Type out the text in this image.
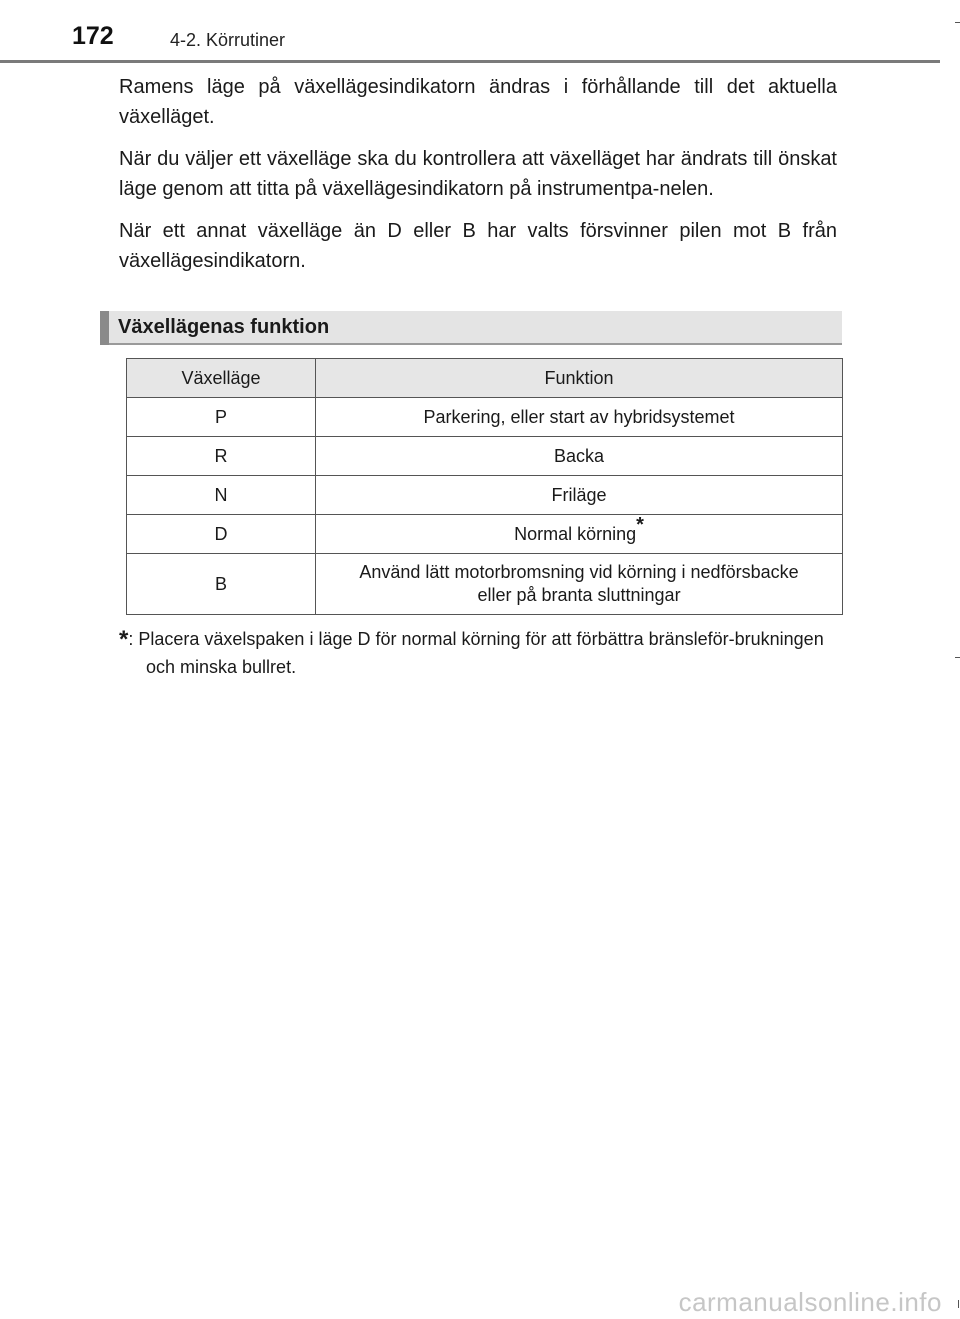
172	4-2. Körrutiner

Ramens läge på växellägesindikatorn ändras i förhållande till det aktuella växelläget.

När du väljer ett växelläge ska du kontrollera att växelläget har ändrats till önskat läge genom att titta på växellägesindikatorn på instrumentpa-nelen.

När ett annat växelläge än D eller B har valts försvinner pilen mot B från växellägesindikatorn.

Växellägenas funktion
Växelläge	Funktion
P	Parkering, eller start av hybridsystemet
R	Backa
N	Friläge
D	Normal körning*
B	Använd lätt motorbromsning vid körning i nedförsbacke
eller på branta sluttningar
*: Placera växelspaken i läge D för normal körning för att förbättra bränsleför-brukningen och minska bullret.
carmanualsonline.info
